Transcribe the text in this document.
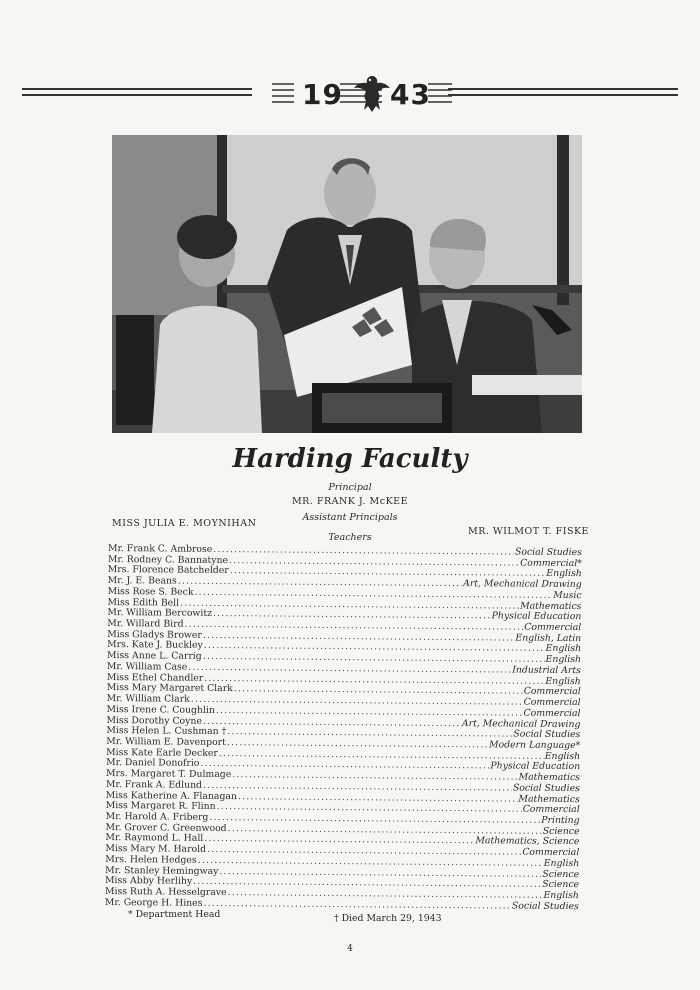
19 43
Harding Faculty
Principal
MR. FRANK J. McKEE
Assistant Principals
MISS JULIA E. MOYNIHAN
MR. WILMOT T. FISKE
Teachers
Mr. Frank C. Ambrose .....	Social Studies
Mr. Rodney C. Bannatyne .....	Commercial*
Mrs. Florence Batchelder .....	English
Mr. J. E. Beans .....	Art, Mechanical Drawing
Miss Rose S. Beck .....	Music
Miss Edith Bell .....	Mathematics
Mr. William Bercowitz .....	Physical Education
Mr. Willard Bird .....	Commercial
Miss Gladys Brower .....	English, Latin
Mrs. Kate J. Buckley .....	English
Miss Anne L. Carrig .....	English
Mr. William Case .....	Industrial Arts
Miss Ethel Chandler .....	English
Miss Mary Margaret Clark .....	Commercial
Mr. William Clark .....	Commercial
Miss Irene C. Coughlin .....	Commercial
Miss Dorothy Coyne .....	Art, Mechanical Drawing
Miss Helen L. Cushman † .....	Social Studies
Mr. William E. Davenport .....	Modern Language*
Miss Kate Earle Decker .....	English
Mr. Daniel Donofrio .....	Physical Education
Mrs. Margaret T. Dulmage .....	Mathematics
Mr. Frank A. Edlund .....	Social Studies
Miss Katherine A. Flanagan .....	Mathematics
Miss Margaret R. Flinn .....	Commercial
Mr. Harold A. Friberg .....	Printing
Mr. Grover C. Greenwood .....	Science
Mr. Raymond L. Hall .....	Mathematics, Science
Miss Mary M. Harold .....	Commercial
Mrs. Helen Hedges .....	English
Mr. Stanley Hemingway .....	Science
Miss Abby Herlihy .....	Science
Miss Ruth A. Hesselgrave .....	English
Mr. George H. Hines .....	Social Studies
* Department Head	† Died March 29, 1943
4
